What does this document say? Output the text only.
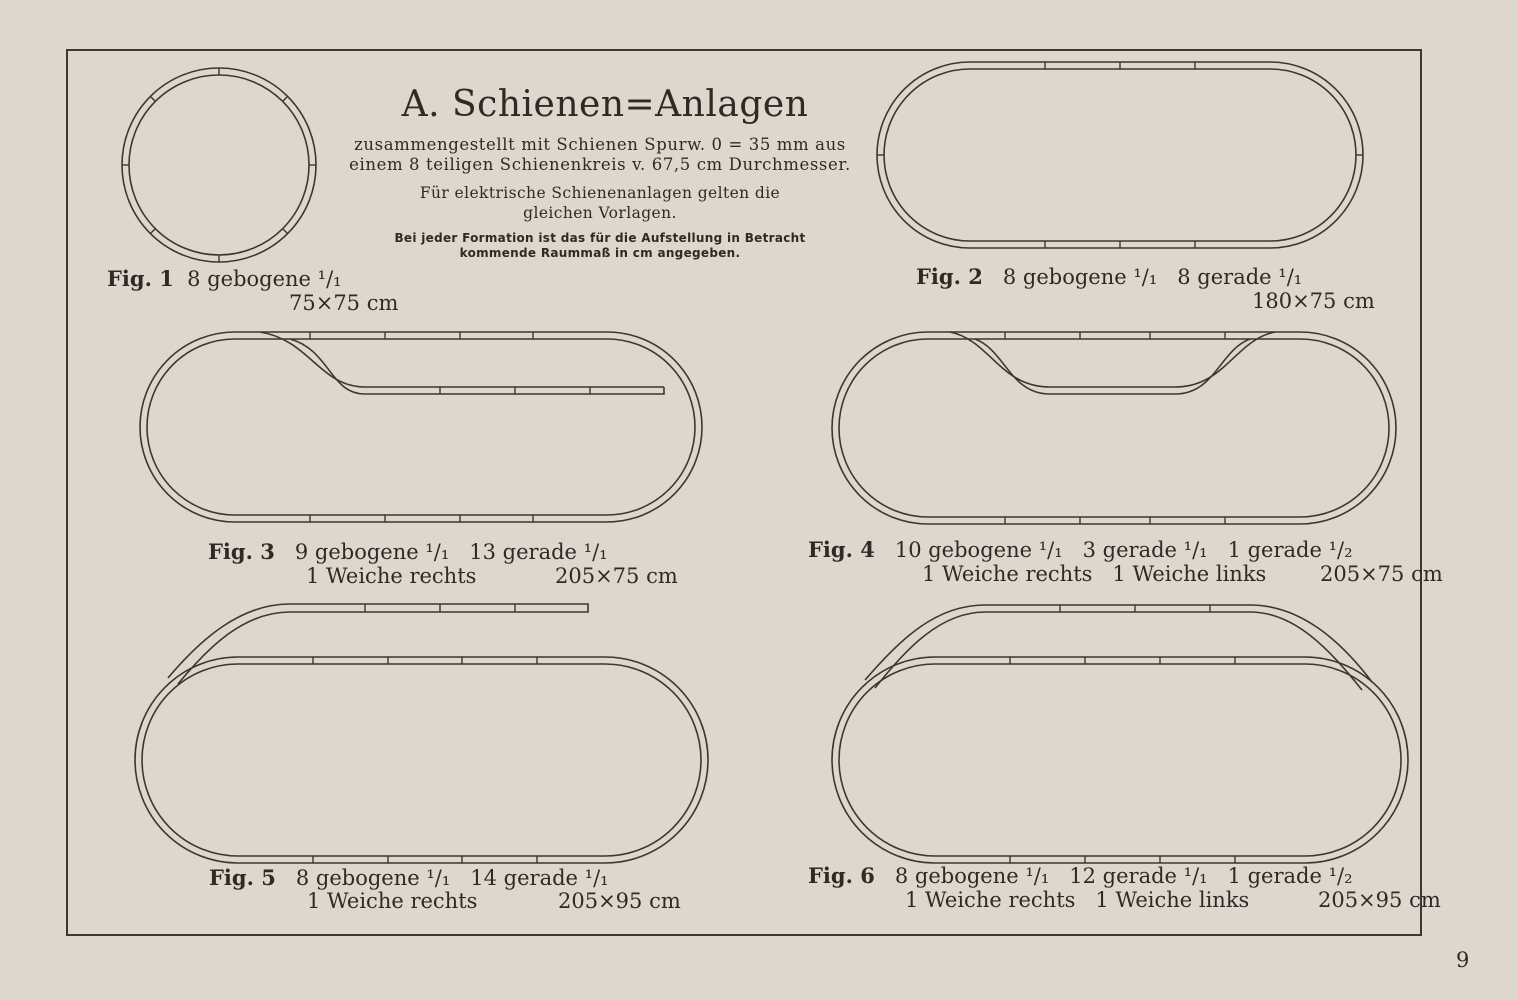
A. Schienen=Anlagen
zusammengestellt mit Schienen Spurw. 0 = 35 mm aus
einem 8 teiligen Schienenkreis v. 67,5 cm Durchmesser.
Für elektrische Schienenanlagen gelten die
gleichen Vorlagen.
Bei jeder Formation ist das für die Aufstellung in Betracht
kommende Raummaß in cm angegeben.
Fig. 1 8 gebogene ¹/₁
75×75 cm
Fig. 2 8 gebogene ¹/₁   8 gerade ¹/₁
180×75 cm
Fig. 3 9 gebogene ¹/₁   13 gerade ¹/₁
1 Weiche rechts	205×75 cm
Fig. 4 10 gebogene ¹/₁   3 gerade ¹/₁   1 gerade ¹/₂
1 Weiche rechts   1 Weiche links	205×75 cm
Fig. 5 8 gebogene ¹/₁   14 gerade ¹/₁
1 Weiche rechts	205×95 cm
Fig. 6 8 gebogene ¹/₁   12 gerade ¹/₁   1 gerade ¹/₂
1 Weiche rechts   1 Weiche links	205×95 cm
9
